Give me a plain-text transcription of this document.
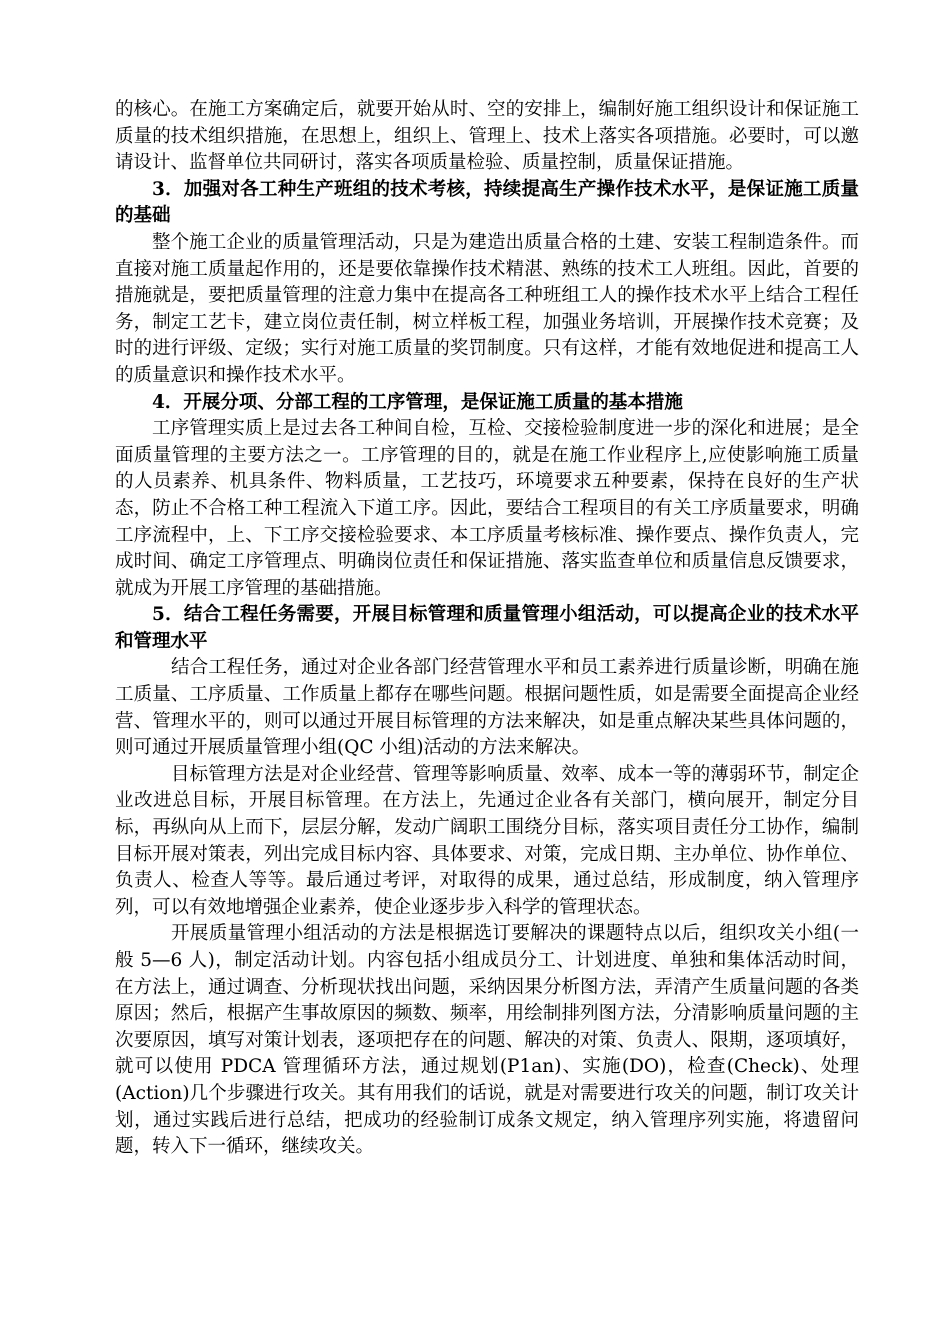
的核心。在施工方案确定后，就要开始从时、空的安排上，编制好施工组织设计和保证施工质量的技术组织措施，在思想上，组织上、管理上、技术上落实各项措施。必要时，可以邀请设计、监督单位共同研讨，落实各项质量检验、质量控制，质量保证措施。

3．加强对各工种生产班组的技术考核，持续提高生产操作技术水平，是保证施工质量的基础

整个施工企业的质量管理活动，只是为建造出质量合格的土建、安装工程制造条件。而直接对施工质量起作用的，还是要依靠操作技术精湛、熟练的技术工人班组。因此，首要的措施就是，要把质量管理的注意力集中在提高各工种班组工人的操作技术水平上结合工程任务，制定工艺卡，建立岗位责任制，树立样板工程，加强业务培训，开展操作技术竞赛；及时的进行评级、定级；实行对施工质量的奖罚制度。只有这样，才能有效地促进和提高工人的质量意识和操作技术水平。

4．开展分项、分部工程的工序管理，是保证施工质量的基本措施

工序管理实质上是过去各工种间自检，互检、交接检验制度进一步的深化和进展；是全面质量管理的主要方法之一。工序管理的目的，就是在施工作业程序上,应使影响施工质量的人员素养、机具条件、物料质量，工艺技巧，环境要求五种要素，保持在良好的生产状态，防止不合格工种工程流入下道工序。因此，要结合工程项目的有关工序质量要求，明确工序流程中，上、下工序交接检验要求、本工序质量考核标准、操作要点、操作负责人，完成时间、确定工序管理点、明确岗位责任和保证措施、落实监查单位和质量信息反馈要求，就成为开展工序管理的基础措施。

5．结合工程任务需要，开展目标管理和质量管理小组活动，可以提高企业的技术水平和管理水平

结合工程任务，通过对企业各部门经营管理水平和员工素养进行质量诊断，明确在施工质量、工序质量、工作质量上都存在哪些问题。根据问题性质，如是需要全面提高企业经营、管理水平的，则可以通过开展目标管理的方法来解决，如是重点解决某些具体问题的，则可通过开展质量管理小组(QC 小组)活动的方法来解决。

目标管理方法是对企业经营、管理等影响质量、效率、成本一等的薄弱环节，制定企业改进总目标，开展目标管理。在方法上，先通过企业各有关部门，横向展开，制定分目标，再纵向从上而下，层层分解，发动广阔职工围绕分目标，落实项目责任分工协作，编制目标开展对策表，列出完成目标内容、具体要求、对策，完成日期、主办单位、协作单位、负责人、检查人等等。最后通过考评，对取得的成果，通过总结，形成制度，纳入管理序列，可以有效地增强企业素养，使企业逐步步入科学的管理状态。

开展质量管理小组活动的方法是根据选订要解决的课题特点以后，组织攻关小组(一般 5—6 人)，制定活动计划。内容包括小组成员分工、计划进度、单独和集体活动时间，在方法上，通过调查、分析现状找出问题，采纳因果分析图方法，弄清产生质量问题的各类原因；然后，根据产生事故原因的频数、频率，用绘制排列图方法，分清影响质量问题的主次要原因，填写对策计划表，逐项把存在的问题、解决的对策、负责人、限期，逐项填好，就可以使用 PDCA 管理循环方法，通过规划(P1an)、实施(DO)，检查(Check)、处理(Action)几个步骤进行攻关。其有用我们的话说，就是对需要进行攻关的问题，制订攻关计划，通过实践后进行总结，把成功的经验制订成条文规定，纳入管理序列实施，将遗留问题，转入下一循环，继续攻关。
